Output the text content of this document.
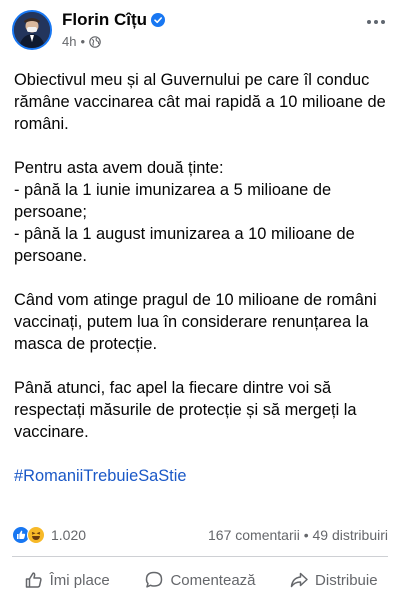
Florin Cîțu
4h •

Obiectivul meu și al Guvernului pe care îl conduc rămâne vaccinarea cât mai rapidă a 10 milioane de români.

Pentru asta avem două ținte:
- până la 1 iunie imunizarea a 5 milioane de persoane;
- până la 1 august imunizarea a 10 milioane de persoane.

Când vom atinge pragul de 10 milioane de români vaccinați, putem lua în considerare renunțarea la masca de protecție.

Până atunci, fac apel la fiecare dintre voi să respectați măsurile de protecție și să mergeți la vaccinare.

#RomaniiTrebuieSaStie

1.020	167 comentarii • 49 distribuiri
Îmi place	Comentează	Distribuie
